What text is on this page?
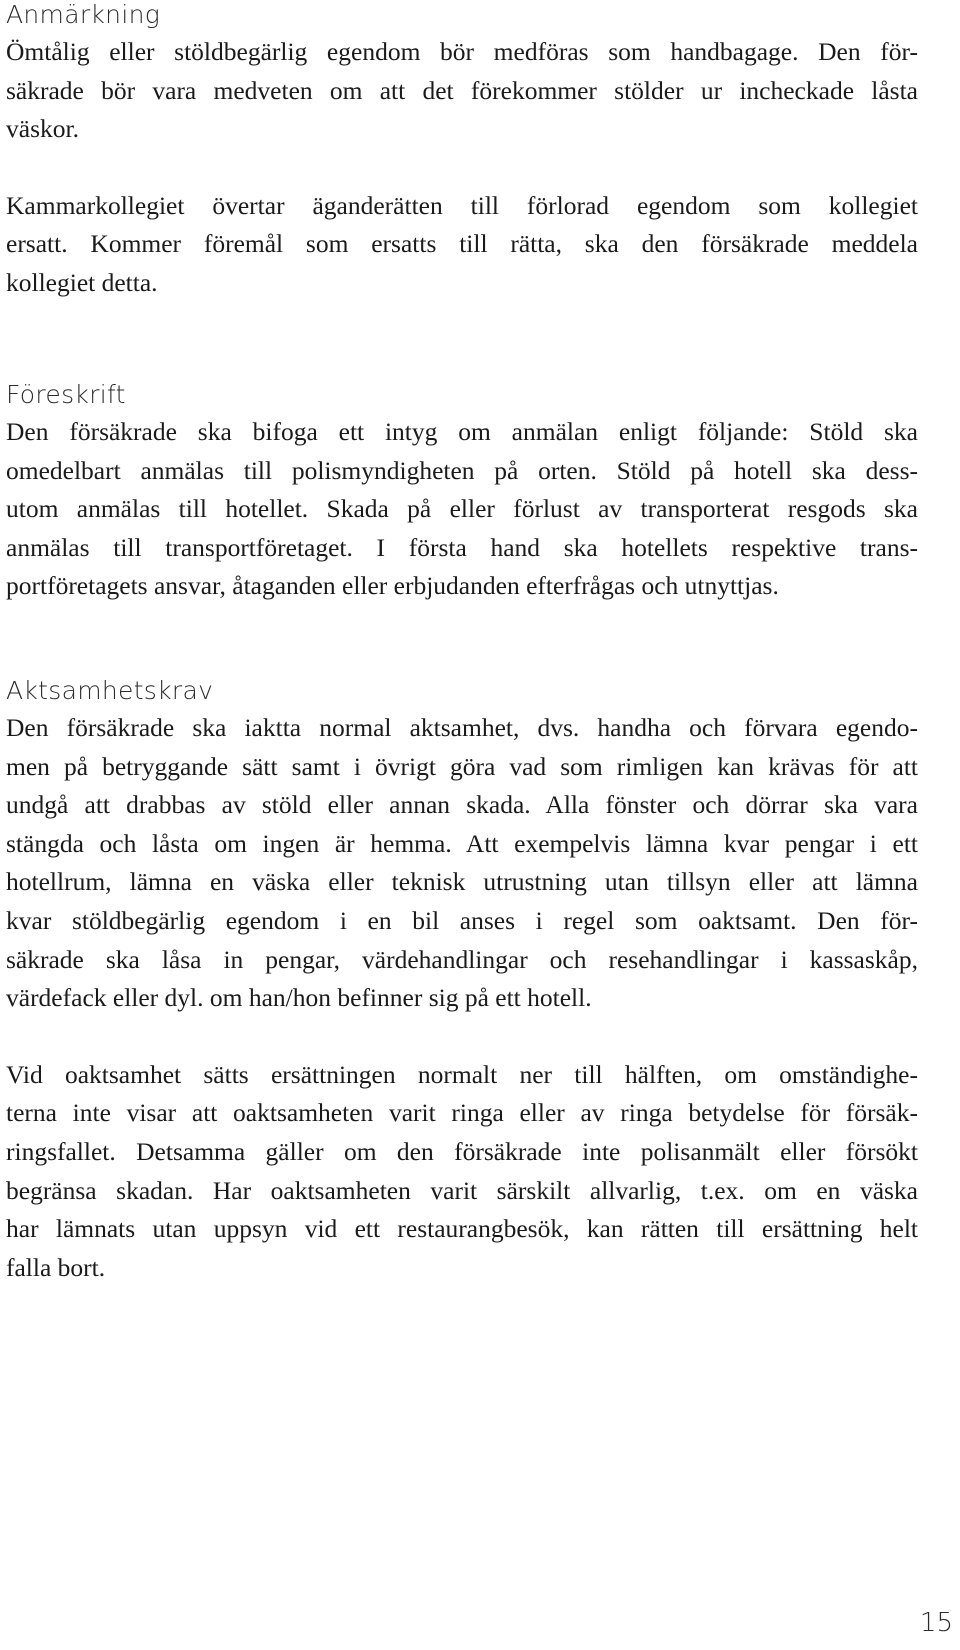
Anmärkning

Ömtålig eller stöldbegärlig egendom bör medföras som handbagage. Den för-

säkrade bör vara medveten om att det förekommer stölder ur incheckade låsta

väskor.

Kammarkollegiet övertar äganderätten till förlorad egendom som kollegiet

ersatt. Kommer föremål som ersatts till rätta, ska den försäkrade meddela

kollegiet detta.

Föreskrift

Den försäkrade ska bifoga ett intyg om anmälan enligt följande: Stöld ska

omedelbart anmälas till polismyndigheten på orten. Stöld på hotell ska dess-

utom anmälas till hotellet. Skada på eller förlust av transporterat resgods ska

anmälas till transportföretaget. I första hand ska hotellets respektive trans-

portföretagets ansvar, åtaganden eller erbjudanden efterfrågas och utnyttjas.

Aktsamhetskrav

Den försäkrade ska iaktta normal aktsamhet, dvs. handha och förvara egendo-

men på betryggande sätt samt i övrigt göra vad som rimligen kan krävas för att

undgå att drabbas av stöld eller annan skada. Alla fönster och dörrar ska vara

stängda och låsta om ingen är hemma. Att exempelvis lämna kvar pengar i ett

hotellrum, lämna en väska eller teknisk utrustning utan tillsyn eller att lämna

kvar stöldbegärlig egendom i en bil anses i regel som oaktsamt. Den för-

säkrade ska låsa in pengar, värdehandlingar och resehandlingar i kassaskåp,

värdefack eller dyl. om han/hon befinner sig på ett hotell.

Vid oaktsamhet sätts ersättningen normalt ner till hälften, om omständighe-

terna inte visar att oaktsamheten varit ringa eller av ringa betydelse för försäk-

ringsfallet. Detsamma gäller om den försäkrade inte polisanmält eller försökt

begränsa skadan. Har oaktsamheten varit särskilt allvarlig, t.ex. om en väska

har lämnats utan uppsyn vid ett restaurangbesök, kan rätten till ersättning helt

falla bort.

15
